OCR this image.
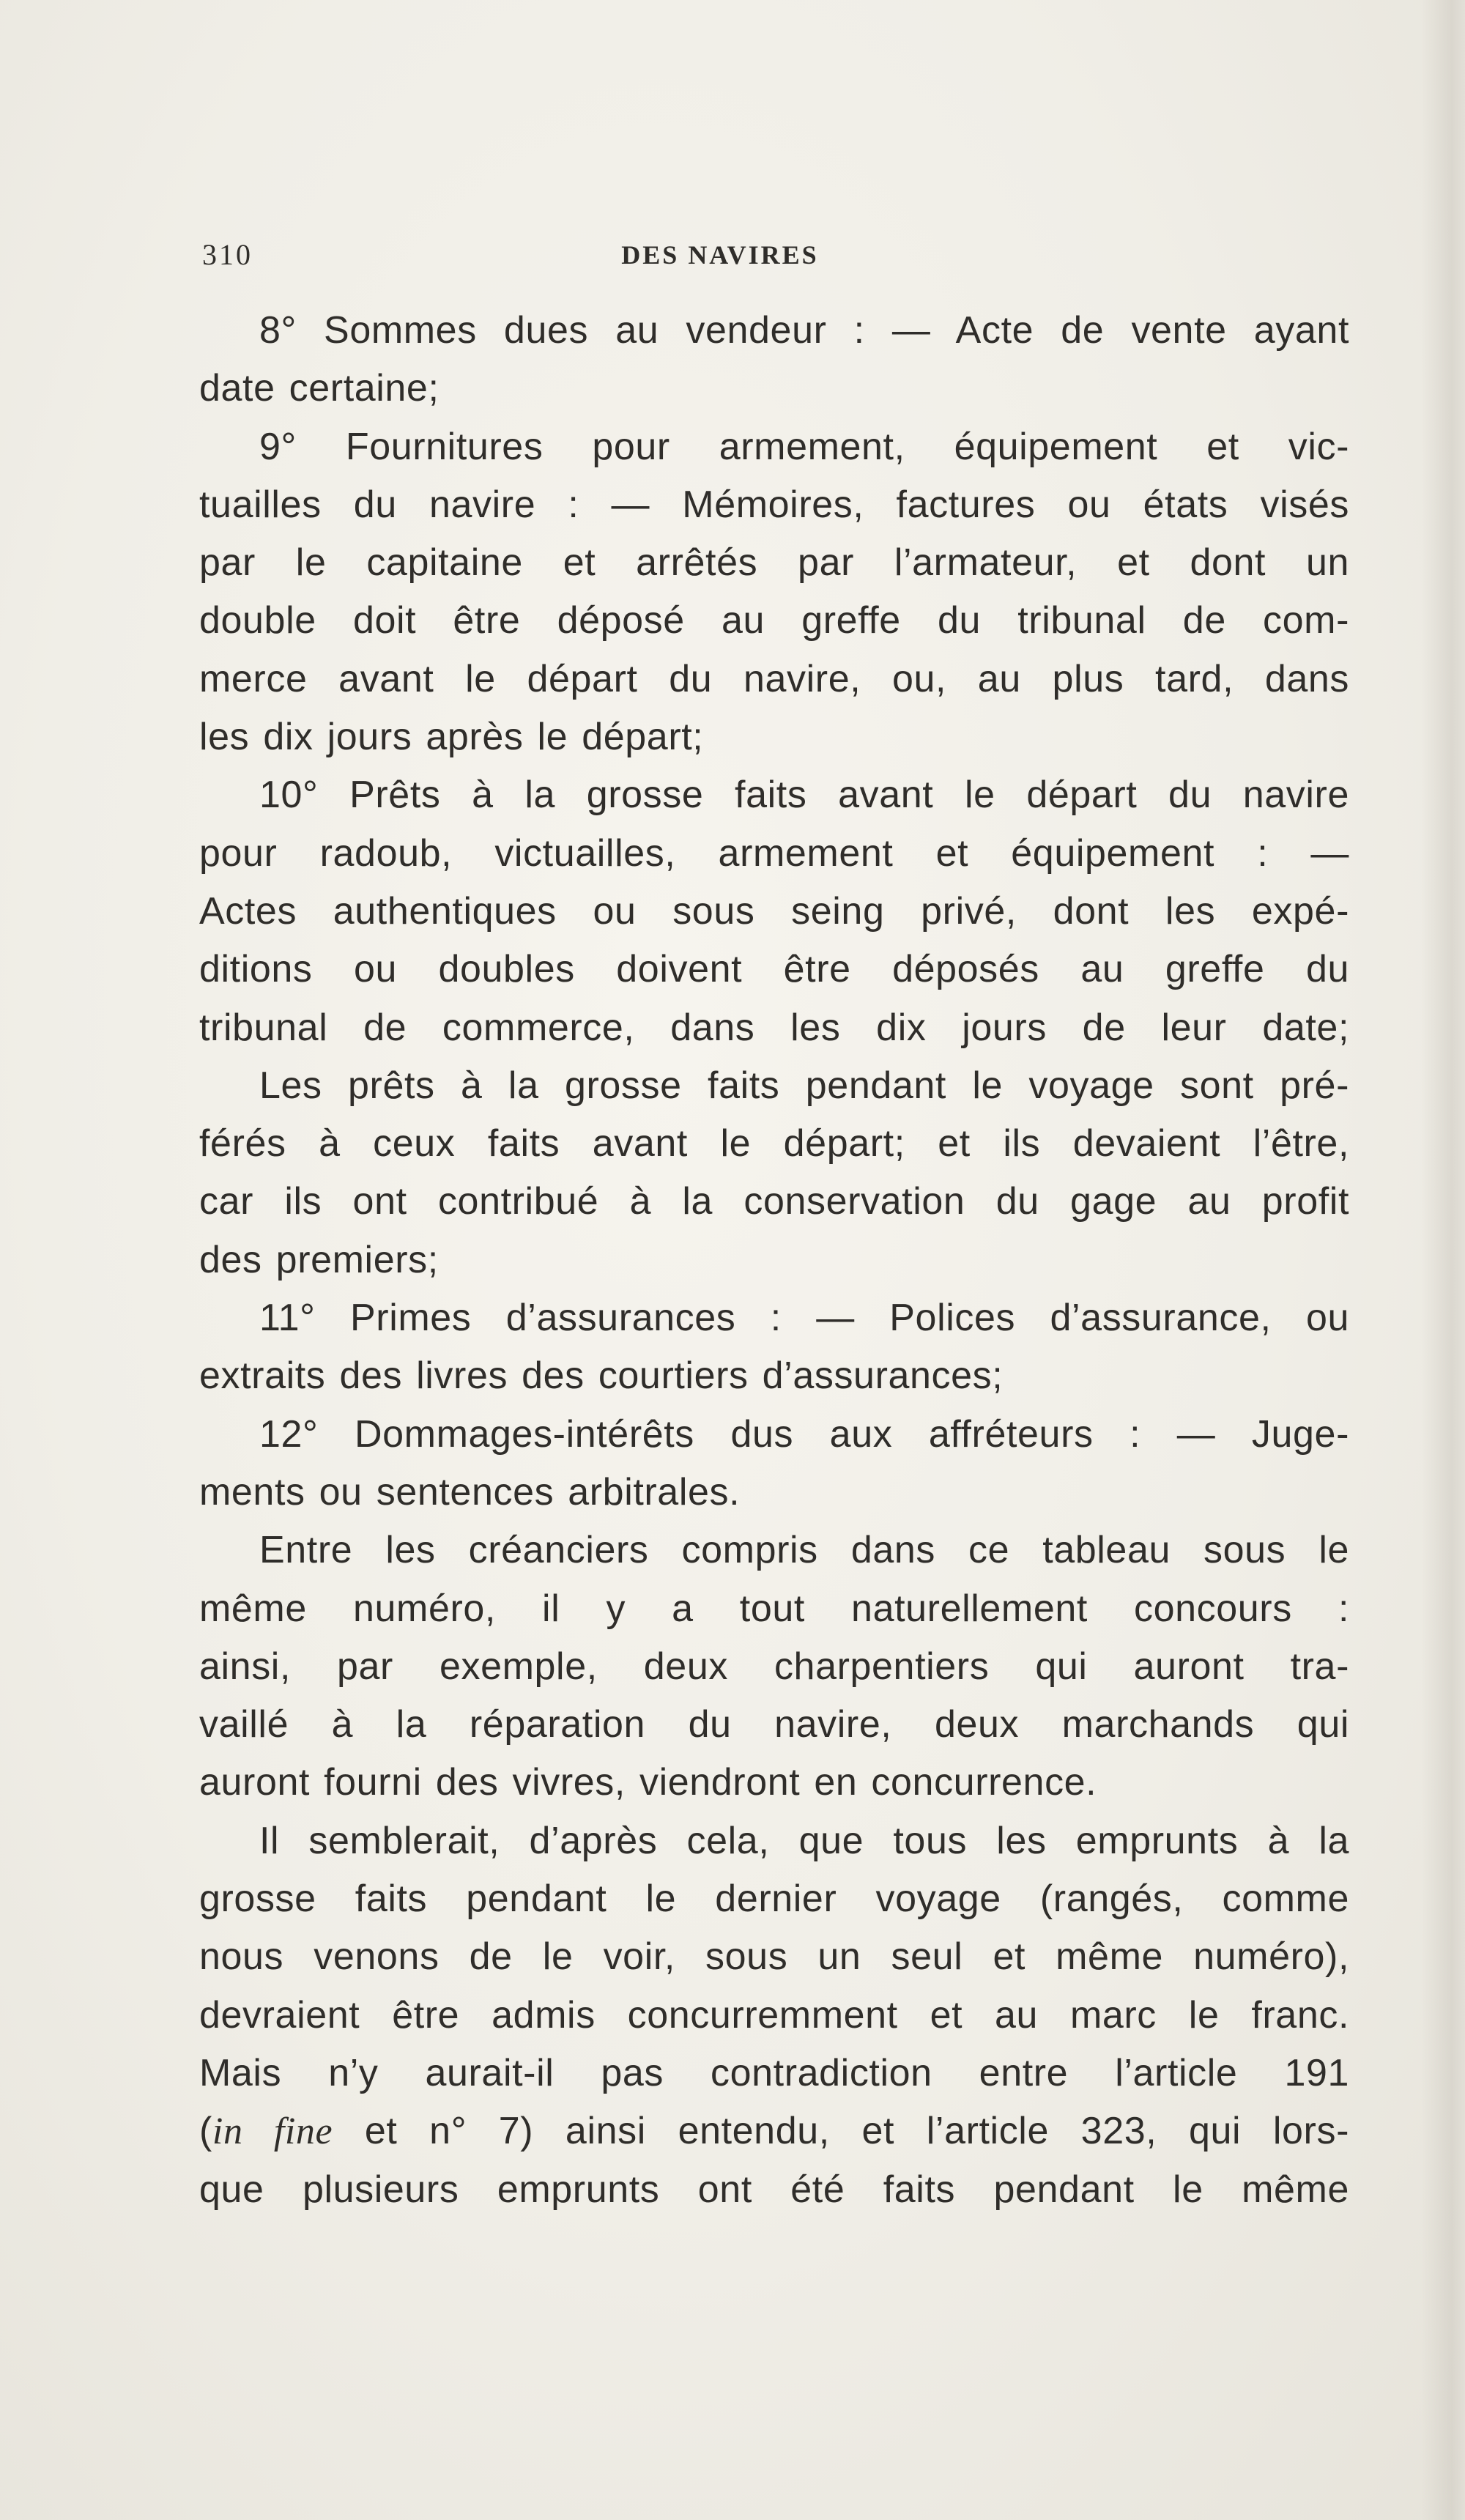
310	DES NAVIRES

8° Sommes dues au vendeur : — Acte de vente ayant
date certaine;

9° Fournitures pour armement, équipement et vic-
tuailles du navire : — Mémoires, factures ou états visés
par le capitaine et arrêtés par l’armateur, et dont un
double doit être déposé au greffe du tribunal de com-
merce avant le départ du navire, ou, au plus tard, dans
les dix jours après le départ;

10° Prêts à la grosse faits avant le départ du navire
pour radoub, victuailles, armement et équipement : —
Actes authentiques ou sous seing privé, dont les expé-
ditions ou doubles doivent être déposés au greffe du
tribunal de commerce, dans les dix jours de leur date;

Les prêts à la grosse faits pendant le voyage sont pré-
férés à ceux faits avant le départ; et ils devaient l’être,
car ils ont contribué à la conservation du gage au profit
des premiers;

11° Primes d’assurances : — Polices d’assurance, ou
extraits des livres des courtiers d’assurances;

12° Dommages-intérêts dus aux affréteurs : — Juge-
ments ou sentences arbitrales.

Entre les créanciers compris dans ce tableau sous le
même numéro, il y a tout naturellement concours :
ainsi, par exemple, deux charpentiers qui auront tra-
vaillé à la réparation du navire, deux marchands qui
auront fourni des vivres, viendront en concurrence.

Il semblerait, d’après cela, que tous les emprunts à la
grosse faits pendant le dernier voyage (rangés, comme
nous venons de le voir, sous un seul et même numéro),
devraient être admis concurremment et au marc le franc.
Mais n’y aurait-il pas contradiction entre l’article 191

(in fine et n° 7) ainsi entendu, et l’article 323, qui lors-
que plusieurs emprunts ont été faits pendant le même
